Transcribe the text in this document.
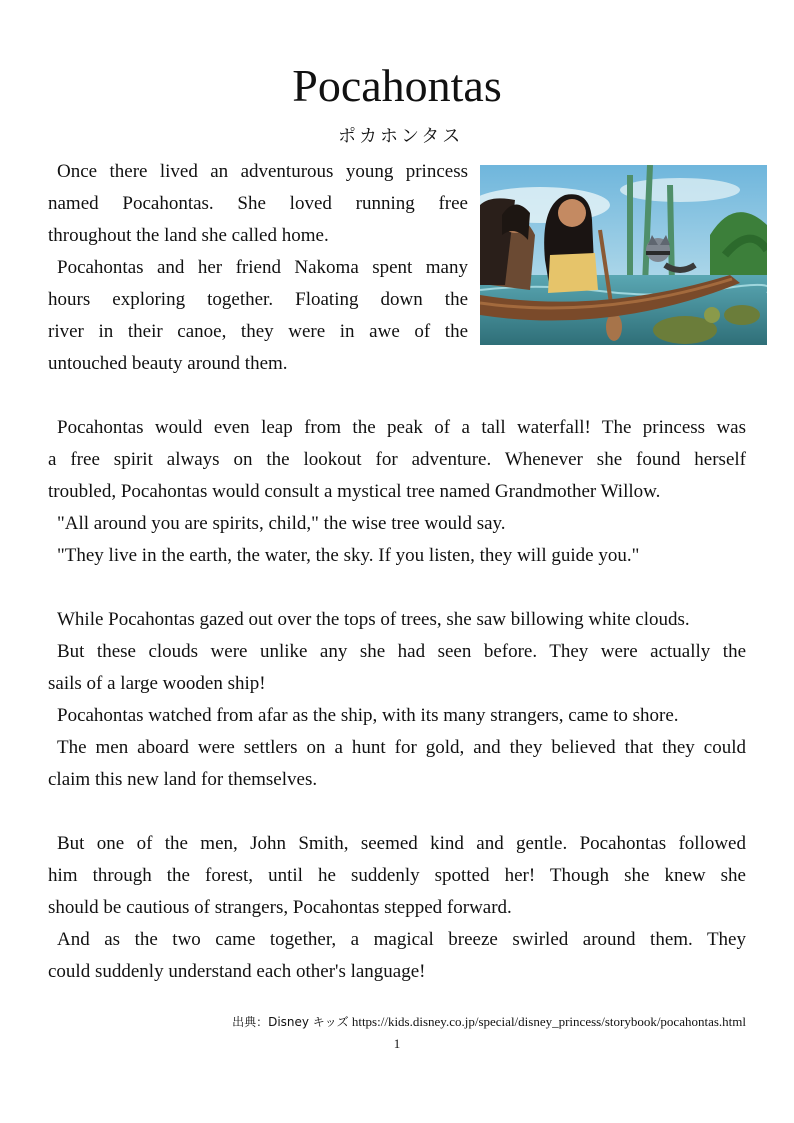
Pocahontas
ポカホンタス
Once there lived an adventurous young princess
named Pocahontas. She loved running free
throughout the land she called home.
Pocahontas and her friend Nakoma spent many
hours exploring together. Floating down the
river in their canoe, they were in awe of the
untouched beauty around them.
Pocahontas would even leap from the peak of a tall waterfall! The princess was
a free spirit always on the lookout for adventure. Whenever she found herself
troubled, Pocahontas would consult a mystical tree named Grandmother Willow.
"All around you are spirits, child," the wise tree would say.
"They live in the earth, the water, the sky. If you listen, they will guide you."
While Pocahontas gazed out over the tops of trees, she saw billowing white clouds.
But these clouds were unlike any she had seen before. They were actually the
sails of a large wooden ship!
Pocahontas watched from afar as the ship, with its many strangers, came to shore.
The men aboard were settlers on a hunt for gold, and they believed that they could
claim this new land for themselves.
But one of the men, John Smith, seemed kind and gentle. Pocahontas followed
him through the forest, until he suddenly spotted her! Though she knew she
should be cautious of strangers, Pocahontas stepped forward.
And as the two came together, a magical breeze swirled around them. They
could suddenly understand each other's language!
出典：Disney キッズ https://kids.disney.co.jp/special/disney_princess/storybook/pocahontas.html
1
